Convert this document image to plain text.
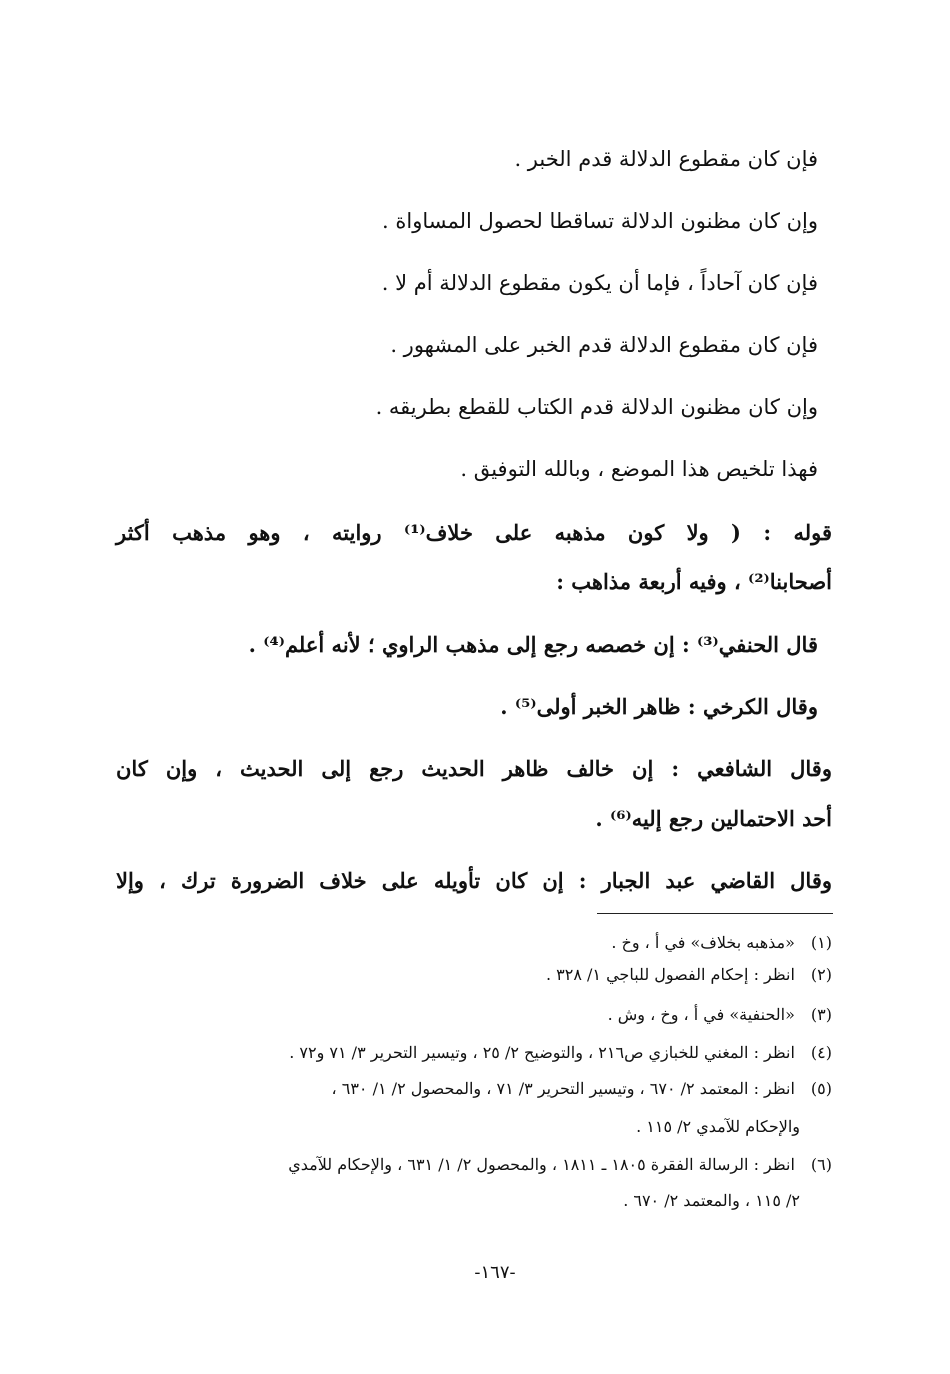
فإن كان مقطوع الدلالة قدم الخبر .
وإن كان مظنون الدلالة تساقطا لحصول المساواة .
فإن كان آحاداً ، فإما أن يكون مقطوع الدلالة أم لا .
فإن كان مقطوع الدلالة قدم الخبر على المشهور .
وإن كان مظنون الدلالة قدم الكتاب للقطع بطريقه .
فهذا تلخيص هذا الموضع ، وبالله التوفيق .
قوله : ( ولا كون مذهبه على خلاف⁽¹⁾ روايته ، وهو مذهب أكثر
أصحابنا⁽²⁾ ، وفيه أربعة مذاهب :
قال الحنفي⁽³⁾ : إن خصصه رجع إلى مذهب الراوي ؛ لأنه أعلم⁽⁴⁾ .
وقال الكرخي : ظاهر الخبر أولى⁽⁵⁾ .
وقال الشافعي : إن خالف ظاهر الحديث رجع إلى الحديث ، وإن كان
أحد الاحتمالين رجع إليه⁽⁶⁾ .
وقال القاضي عبد الجبار : إن كان تأويله على خلاف الضرورة ترك ، وإلا
(١) «مذهبه بخلاف» في أ ، وخ .
(٢) انظر : إحكام الفصول للباجي ١/ ٣٢٨ .
(٣) «الحنفية» في أ ، وخ ، وش .
(٤) انظر : المغني للخبازي ص٢١٦ ، والتوضيح ٢/ ٢٥ ، وتيسير التحرير ٣/ ٧١ و٧٢ .
(٥) انظر : المعتمد ٢/ ٦٧٠ ، وتيسير التحرير ٣/ ٧١ ، والمحصول ٢/ ١/ ٦٣٠ ،
والإحكام للآمدي ٢/ ١١٥ .
(٦) انظر : الرسالة الفقرة ١٨٠٥ ـ ١٨١١ ، والمحصول ٢/ ١/ ٦٣١ ، والإحكام للآمدي
٢/ ١١٥ ، والمعتمد ٢/ ٦٧٠ .
-١٦٧-
